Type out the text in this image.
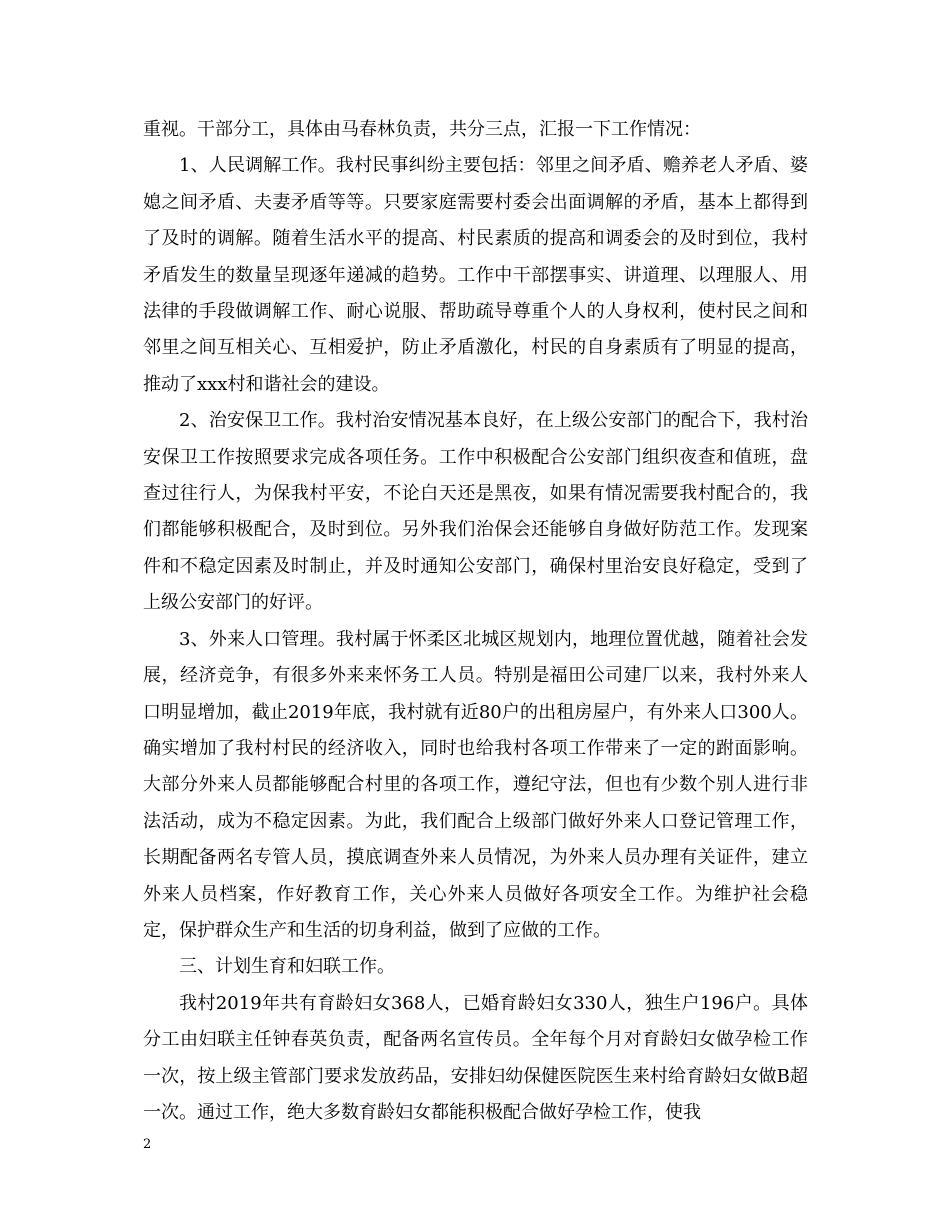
重视。干部分工，具体由马春林负责，共分三点，汇报一下工作情况：

1、人民调解工作。我村民事纠纷主要包括：邻里之间矛盾、赡养老人矛盾、婆媳之间矛盾、夫妻矛盾等等。只要家庭需要村委会出面调解的矛盾，基本上都得到了及时的调解。随着生活水平的提高、村民素质的提高和调委会的及时到位，我村矛盾发生的数量呈现逐年递减的趋势。工作中干部摆事实、讲道理、以理服人、用法律的手段做调解工作、耐心说服、帮助疏导尊重个人的人身权利，使村民之间和邻里之间互相关心、互相爱护，防止矛盾激化，村民的自身素质有了明显的提高，推动了xxx村和谐社会的建设。

2、治安保卫工作。我村治安情况基本良好，在上级公安部门的配合下，我村治安保卫工作按照要求完成各项任务。工作中积极配合公安部门组织夜查和值班，盘查过往行人，为保我村平安，不论白天还是黑夜，如果有情况需要我村配合的，我们都能够积极配合，及时到位。另外我们治保会还能够自身做好防范工作。发现案件和不稳定因素及时制止，并及时通知公安部门，确保村里治安良好稳定，受到了上级公安部门的好评。

3、外来人口管理。我村属于怀柔区北城区规划内，地理位置优越，随着社会发展，经济竞争，有很多外来来怀务工人员。特别是福田公司建厂以来，我村外来人口明显增加，截止2019年底，我村就有近80户的出租房屋户，有外来人口300人。确实增加了我村村民的经济收入，同时也给我村各项工作带来了一定的跗面影响。大部分外来人员都能够配合村里的各项工作，遵纪守法，但也有少数个别人进行非法活动，成为不稳定因素。为此，我们配合上级部门做好外来人口登记管理工作，长期配备两名专管人员，摸底调查外来人员情况，为外来人员办理有关证件，建立外来人员档案，作好教育工作，关心外来人员做好各项安全工作。为维护社会稳定，保护群众生产和生活的切身利益，做到了应做的工作。

三、计划生育和妇联工作。

我村2019年共有育龄妇女368人，已婚育龄妇女330人，独生户196户。具体分工由妇联主任钟春英负责，配备两名宣传员。全年每个月对育龄妇女做孕检工作一次，按上级主管部门要求发放药品，安排妇幼保健医院医生来村给育龄妇女做B超一次。通过工作，绝大多数育龄妇女都能积极配合做好孕检工作，使我

2
